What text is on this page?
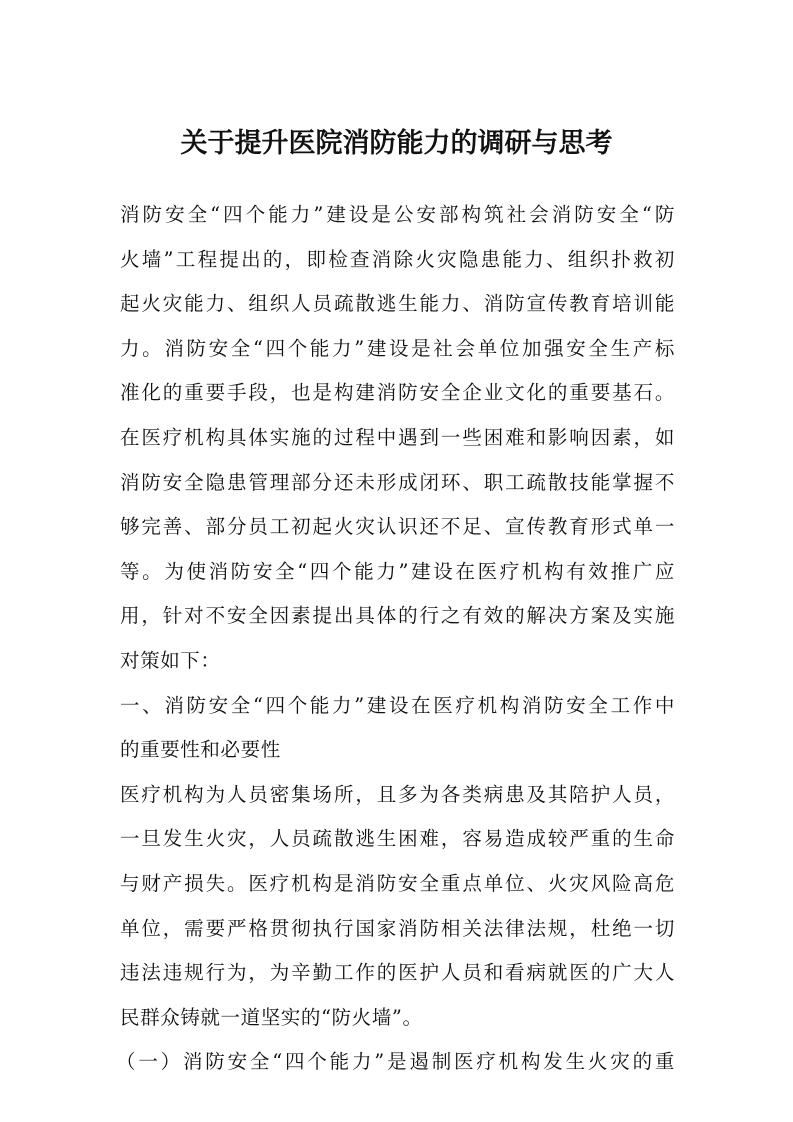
关于提升医院消防能力的调研与思考
消防安全“四个能力”建设是公安部构筑社会消防安全“防
火墙”工程提出的，即检查消除火灾隐患能力、组织扑救初
起火灾能力、组织人员疏散逃生能力、消防宣传教育培训能
力。消防安全“四个能力”建设是社会单位加强安全生产标
准化的重要手段，也是构建消防安全企业文化的重要基石。
在医疗机构具体实施的过程中遇到一些困难和影响因素，如
消防安全隐患管理部分还未形成闭环、职工疏散技能掌握不
够完善、部分员工初起火灾认识还不足、宣传教育形式单一
等。为使消防安全“四个能力”建设在医疗机构有效推广应
用，针对不安全因素提出具体的行之有效的解决方案及实施
对策如下：
一、消防安全“四个能力”建设在医疗机构消防安全工作中
的重要性和必要性
医疗机构为人员密集场所，且多为各类病患及其陪护人员，
一旦发生火灾，人员疏散逃生困难，容易造成较严重的生命
与财产损失。医疗机构是消防安全重点单位、火灾风险高危
单位，需要严格贯彻执行国家消防相关法律法规，杜绝一切
违法违规行为，为辛勤工作的医护人员和看病就医的广大人
民群众铸就一道坚实的“防火墙”。
（一）消防安全“四个能力”是遏制医疗机构发生火灾的重
